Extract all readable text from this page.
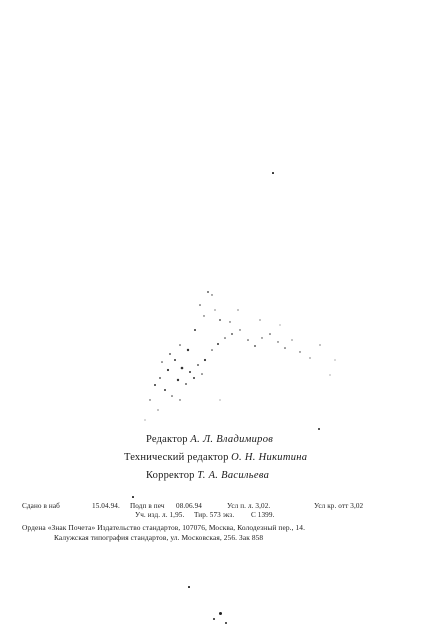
Редактор А. Л. Владимиров
Технический редактор О. Н. Никитина
Корректор Т. А. Васильева
Сдано в наб	15.04.94. Подп в печ 08.06.94	Усл п. л. 3,02.	Усл кр. отт 3,02
Уч. изд. л. 1,95. Тир. 573 экз. С 1399.
Ордена «Знак Почета» Издательство стандартов, 107076, Москва, Колодезный пер., 14.
Калужская типография стандартов, ул. Московская, 256. Зак 858
